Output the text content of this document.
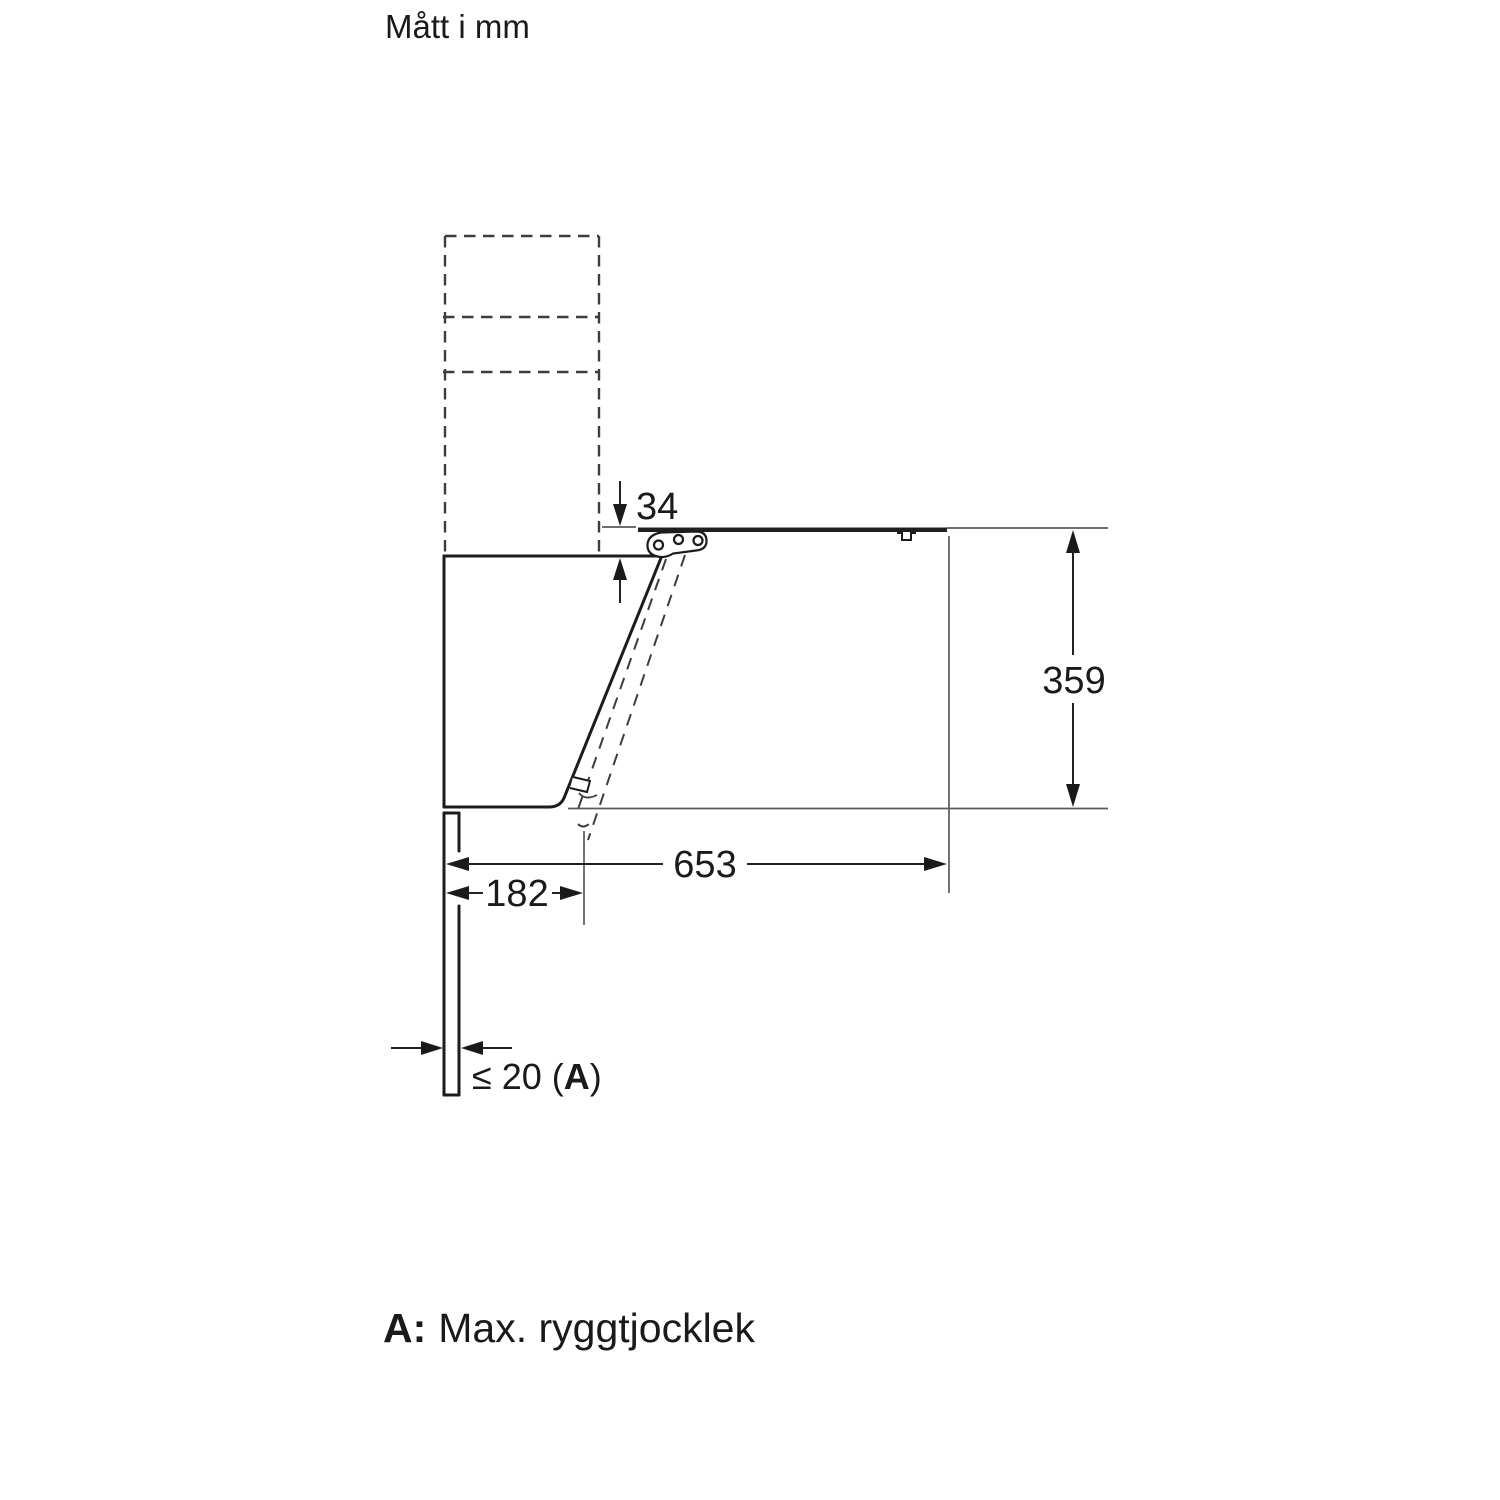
Mått i mm
34
359
653
182
≤ 20 (A)
A: Max. ryggtjocklek
